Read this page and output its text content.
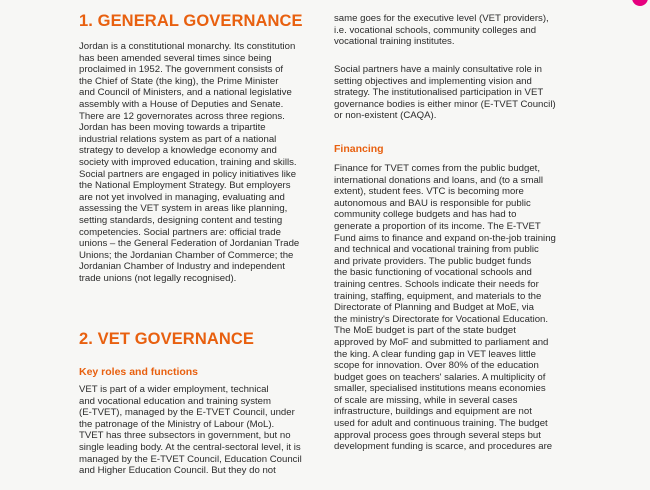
1. GENERAL GOVERNANCE

Jordan is a constitutional monarchy. Its constitution
has been amended several times since being
proclaimed in 1952. The government consists of
the Chief of State (the king), the Prime Minister
and Council of Ministers, and a national legislative
assembly with a House of Deputies and Senate.
There are 12 governorates across three regions.
Jordan has been moving towards a tripartite
industrial relations system as part of a national
strategy to develop a knowledge economy and
society with improved education, training and skills.
Social partners are engaged in policy initiatives like
the National Employment Strategy. But employers
are not yet involved in managing, evaluating and
assessing the VET system in areas like planning,
setting standards, designing content and testing
competencies. Social partners are: official trade
unions – the General Federation of Jordanian Trade
Unions; the Jordanian Chamber of Commerce; the
Jordanian Chamber of Industry and independent
trade unions (not legally recognised).

2. VET GOVERNANCE
Key roles and functions

VET is part of a wider employment, technical
and vocational education and training system
(E-TVET), managed by the E-TVET Council, under
the patronage of the Ministry of Labour (MoL).
TVET has three subsectors in government, but no
single leading body. At the central-sectoral level, it is
managed by the E-TVET Council, Education Council
and Higher Education Council. But they do not

same goes for the executive level (VET providers),
i.e. vocational schools, community colleges and
vocational training institutes.

Social partners have a mainly consultative role in
setting objectives and implementing vision and
strategy. The institutionalised participation in VET
governance bodies is either minor (E-TVET Council)
or non-existent (CAQA).

Financing

Finance for TVET comes from the public budget,
international donations and loans, and (to a small
extent), student fees. VTC is becoming more
autonomous and BAU is responsible for public
community college budgets and has had to
generate a proportion of its income. The E-TVET
Fund aims to finance and expand on-the-job training
and technical and vocational training from public
and private providers. The public budget funds
the basic functioning of vocational schools and
training centres. Schools indicate their needs for
training, staffing, equipment, and materials to the
Directorate of Planning and Budget at MoE, via
the ministry's Directorate for Vocational Education.
The MoE budget is part of the state budget
approved by MoF and submitted to parliament and
the king. A clear funding gap in VET leaves little
scope for innovation. Over 80% of the education
budget goes on teachers' salaries. A multiplicity of
smaller, specialised institutions means economies
of scale are missing, while in several cases
infrastructure, buildings and equipment are not
used for adult and continuous training. The budget
approval process goes through several steps but
development funding is scarce, and procedures are
